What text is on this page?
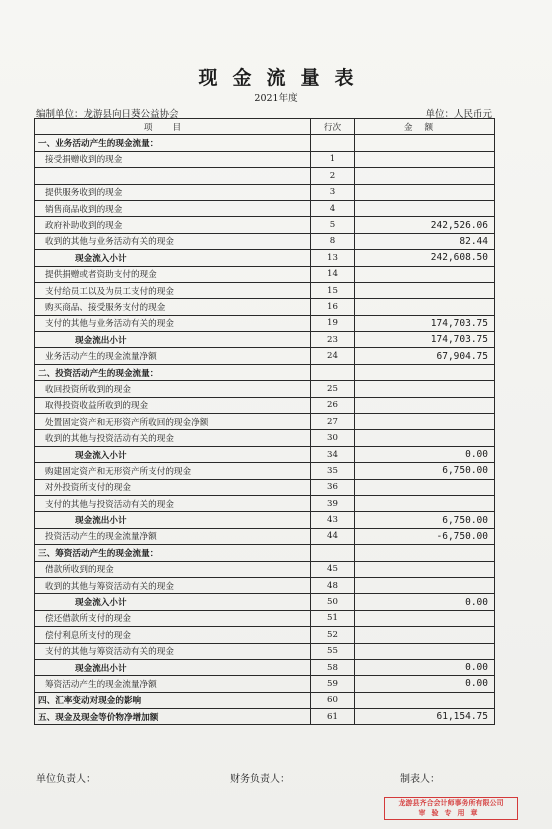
现金流量表
2021年度
编制单位：龙游县向日葵公益协会	单位：人民币元
项目	行次	金额
一、业务活动产生的现金流量：		
接受捐赠收到的现金	1	
	2	
提供服务收到的现金	3	
销售商品收到的现金	4	
政府补助收到的现金	5	242,526.06
收到的其他与业务活动有关的现金	8	82.44
现金流入小计	13	242,608.50
提供捐赠或者资助支付的现金	14	
支付给员工以及为员工支付的现金	15	
购买商品、接受服务支付的现金	16	
支付的其他与业务活动有关的现金	19	174,703.75
现金流出小计	23	174,703.75
业务活动产生的现金流量净额	24	67,904.75
二、投资活动产生的现金流量：		
收回投资所收到的现金	25	
取得投资收益所收到的现金	26	
处置固定资产和无形资产所收回的现金净额	27	
收到的其他与投资活动有关的现金	30	
现金流入小计	34	0.00
购建固定资产和无形资产所支付的现金	35	6,750.00
对外投资所支付的现金	36	
支付的其他与投资活动有关的现金	39	
现金流出小计	43	6,750.00
投资活动产生的现金流量净额	44	-6,750.00
三、筹资活动产生的现金流量：		
借款所收到的现金	45	
收到的其他与筹资活动有关的现金	48	
现金流入小计	50	0.00
偿还借款所支付的现金	51	
偿付利息所支付的现金	52	
支付的其他与筹资活动有关的现金	55	
现金流出小计	58	0.00
筹资活动产生的现金流量净额	59	0.00
四、汇率变动对现金的影响	60	
五、现金及现金等价物净增加额	61	61,154.75
单位负责人：	财务负责人：	制表人：
龙游县齐合会计师事务所有限公司
审验专用章
